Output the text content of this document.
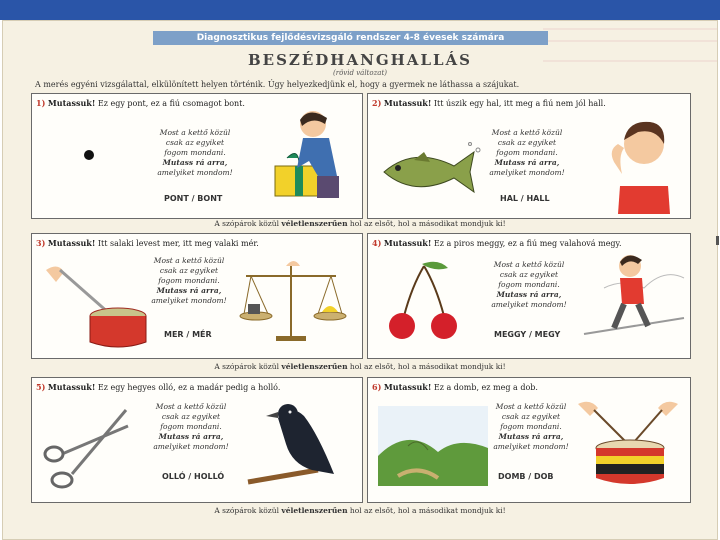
Diagnosztikus fejlődésvizsgáló rendszer 4-8 évesek számára
BESZÉDHANGHALLÁS
(rövid változat)
A merés egyéni vizsgálattal, elkülönített helyen történik. Úgy helyezkedjünk el, hogy a gyermek ne láthassa a szájukat.
1) Mutassuk! Ez egy pont, ez a fiú csomagot bont.
Most a kettő közül
csak az egyiket
fogom mondani.
Mutass rá arra,
amelyiket mondom!
PONT / BONT
2) Mutassuk! Itt úszik egy hal, itt meg a fiú nem jól hall.
Most a kettő közül
csak az egyiket
fogom mondani.
Mutass rá arra,
amelyiket mondom!
HAL / HALL
A szópárok közül véletlenszerűen hol az elsőt, hol a másodikat mondjuk ki!
3) Mutassuk! Itt salaki levest mer, itt meg valaki mér.
Most a kettő közül
csak az egyiket
fogom mondani.
Mutass rá arra,
amelyiket mondom!
MER / MÉR
4) Mutassuk! Ez a piros meggy, ez a fiú meg valahová megy.
Most a kettő közül
csak az egyiket
fogom mondani.
Mutass rá arra,
amelyiket mondom!
MEGGY / MEGY
A szópárok közül véletlenszerűen hol az elsőt, hol a másodikat mondjuk ki!
5) Mutassuk! Ez egy hegyes olló, ez a madár pedig a holló.
Most a kettő közül
csak az egyiket
fogom mondani.
Mutass rá arra,
amelyiket mondom!
OLLÓ / HOLLÓ
6) Mutassuk! Ez a domb, ez meg a dob.
Most a kettő közül
csak az egyiket
fogom mondani.
Mutass rá arra,
amelyiket mondom!
DOMB / DOB
A szópárok közül véletlenszerűen hol az elsőt, hol a másodikat mondjuk ki!
